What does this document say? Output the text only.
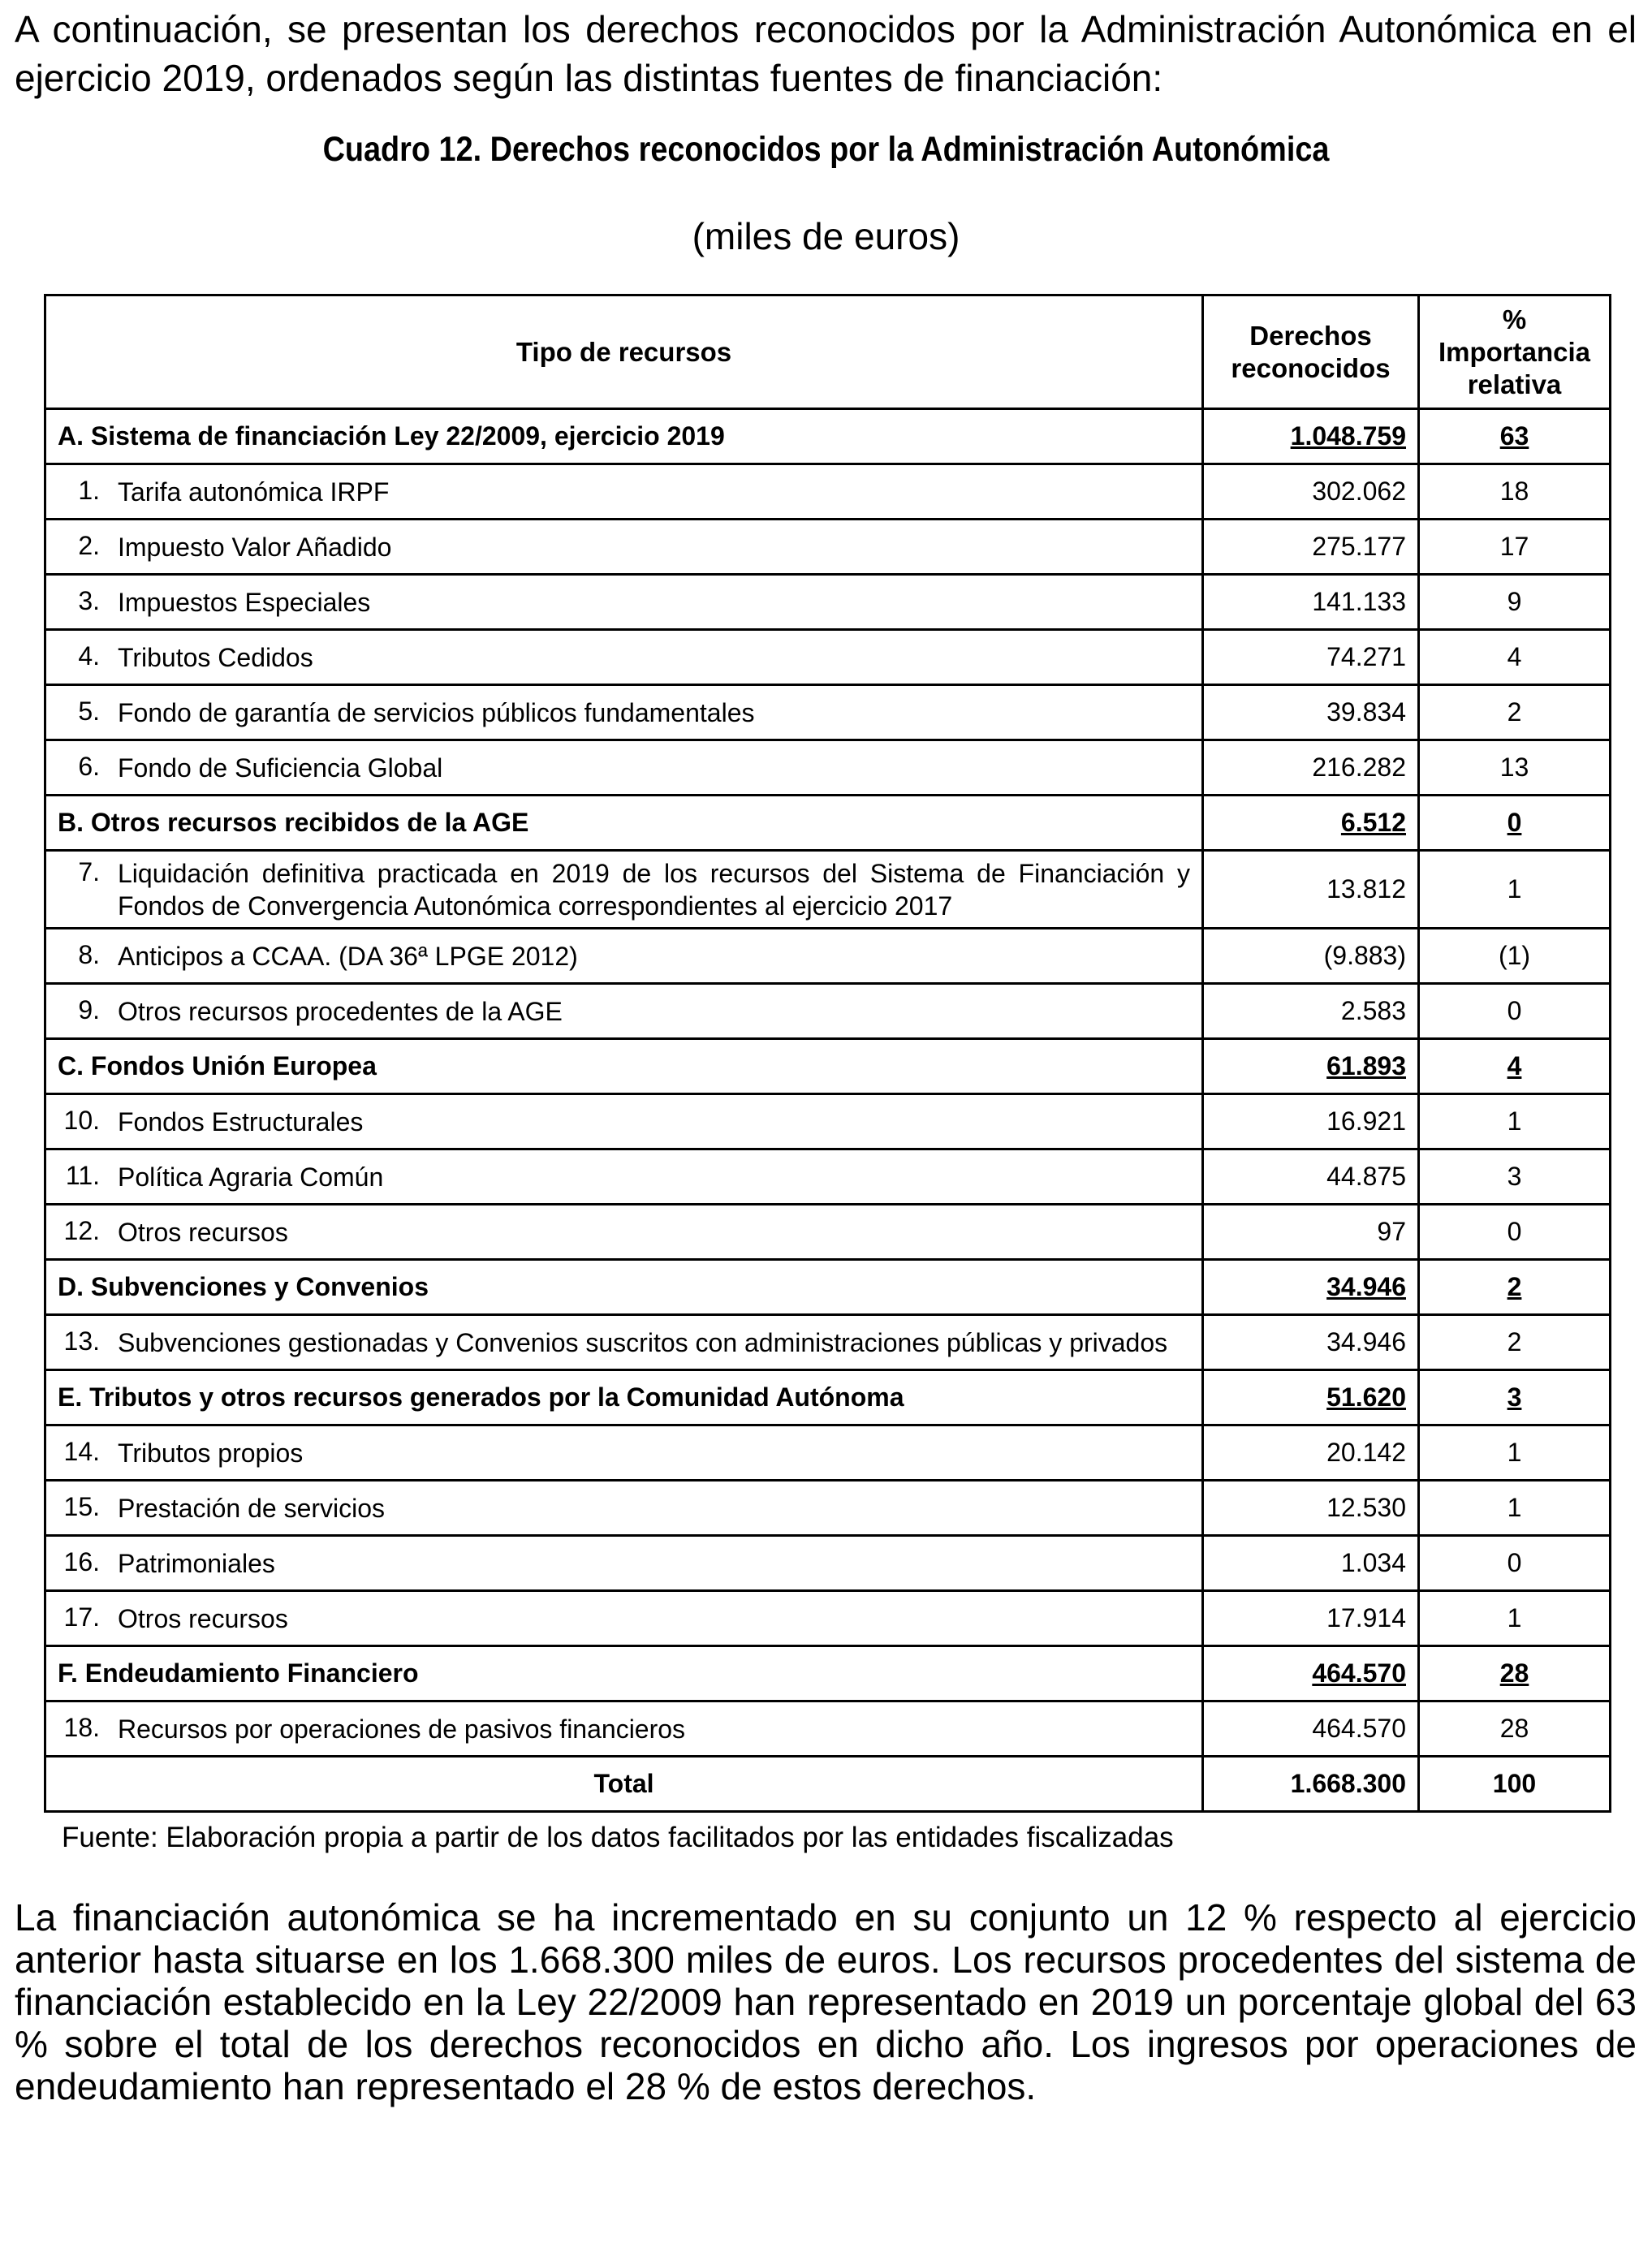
A continuación, se presentan los derechos reconocidos por la Administración Autonómica en el ejercicio 2019, ordenados según las distintas fuentes de financiación:

Cuadro 12. Derechos reconocidos por la Administración Autonómica
(miles de euros)
Tipo de recursos	Derechos reconocidos	% Importancia relativa
A. Sistema de financiación Ley 22/2009, ejercicio 2019	1.048.759	63

1. Tarifa autonómica IRPF	302.062	18

2. Impuesto Valor Añadido	275.177	17

3. Impuestos Especiales	141.133	9

4. Tributos Cedidos	74.271	4

5. Fondo de garantía de servicios públicos fundamentales	39.834	2

6. Fondo de Suficiencia Global	216.282	13
B. Otros recursos recibidos de la AGE	6.512	0

7. Liquidación definitiva practicada en 2019 de los recursos del Sistema de Financiación y Fondos de Convergencia Autonómica correspondientes al ejercicio 2017	13.812	1

8. Anticipos a CCAA. (DA 36ª LPGE 2012)	(9.883)	(1)

9. Otros recursos procedentes de la AGE	2.583	0
C. Fondos Unión Europea	61.893	4

10. Fondos Estructurales	16.921	1

11. Política Agraria Común	44.875	3

12. Otros recursos	97	0
D. Subvenciones y Convenios	34.946	2

13. Subvenciones gestionadas y Convenios suscritos con administraciones públicas y privados	34.946	2
E. Tributos y otros recursos generados por la Comunidad Autónoma	51.620	3

14. Tributos propios	20.142	1

15. Prestación de servicios	12.530	1

16. Patrimoniales	1.034	0

17. Otros recursos	17.914	1
F. Endeudamiento Financiero	464.570	28

18. Recursos por operaciones de pasivos financieros	464.570	28
Total	1.668.300	100
Fuente: Elaboración propia a partir de los datos facilitados por las entidades fiscalizadas

La financiación autonómica se ha incrementado en su conjunto un 12 % respecto al ejercicio anterior hasta situarse en los 1.668.300 miles de euros. Los recursos procedentes del sistema de financiación establecido en la Ley 22/2009 han representado en 2019 un porcentaje global del 63 % sobre el total de los derechos reconocidos en dicho año. Los ingresos por operaciones de endeudamiento han representado el 28 % de estos derechos.
